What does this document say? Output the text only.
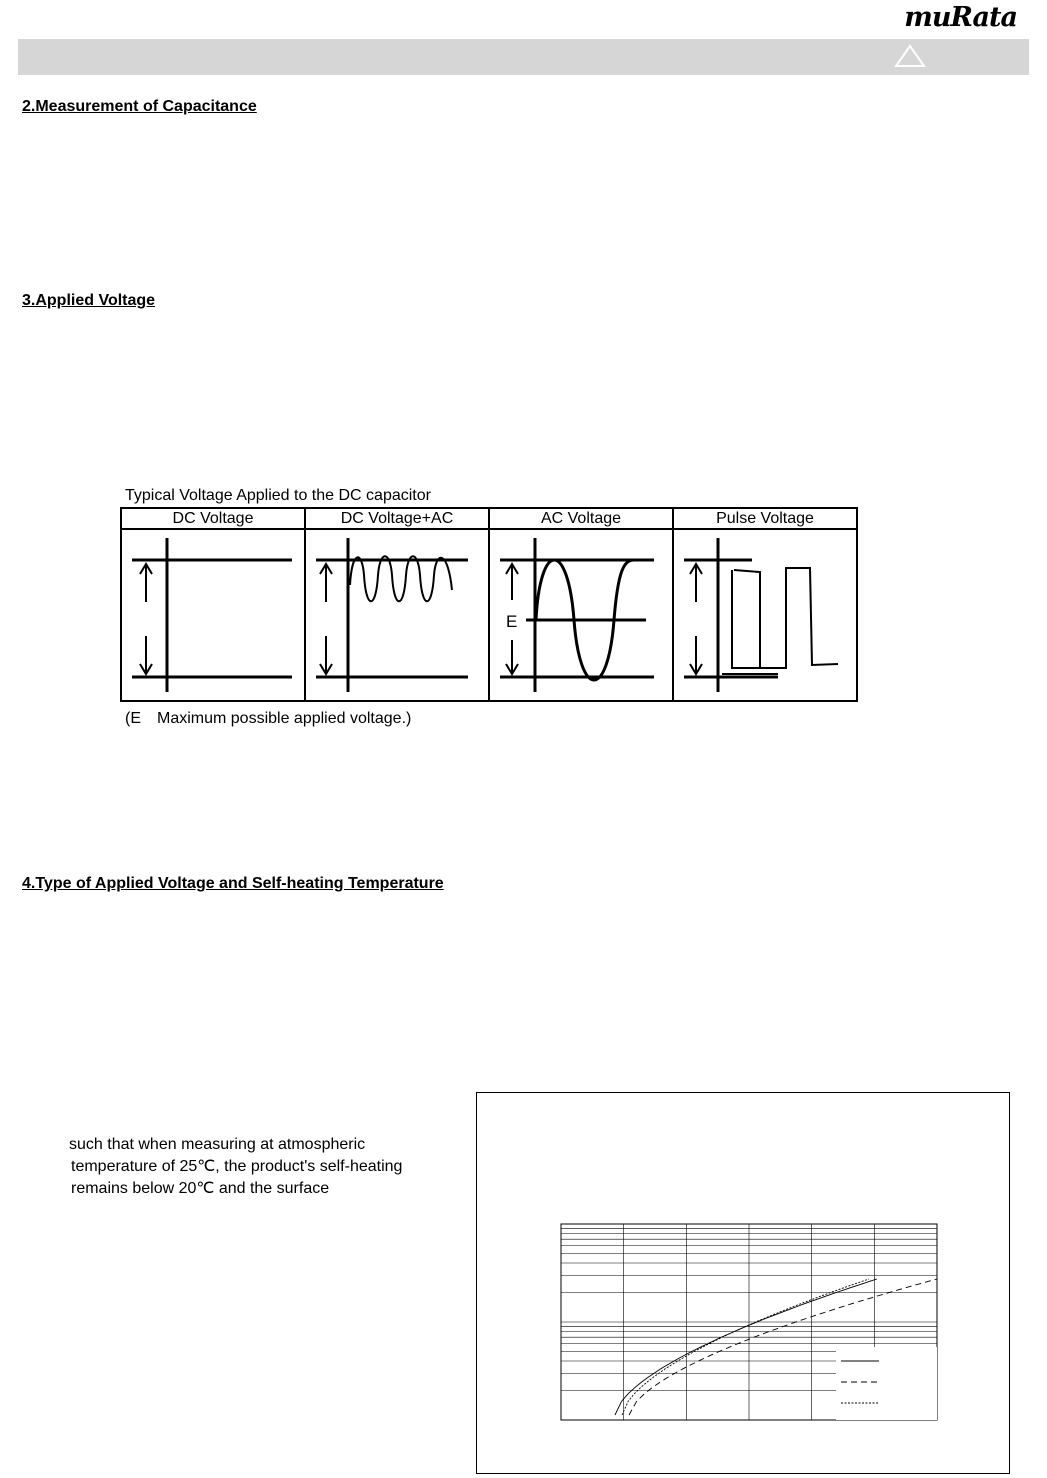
muRata
2.Measurement of Capacitance
3.Applied Voltage
4.Type of Applied Voltage and Self-heating Temperature
Typical Voltage Applied to the DC capacitor
DC Voltage	DC Voltage+AC	AC Voltage	Pulse Voltage

E

(E　Maximum possible applied voltage.)
such that when measuring at atmospheric
temperature of 25℃, the product's self-heating
remains below 20℃ and the surface
